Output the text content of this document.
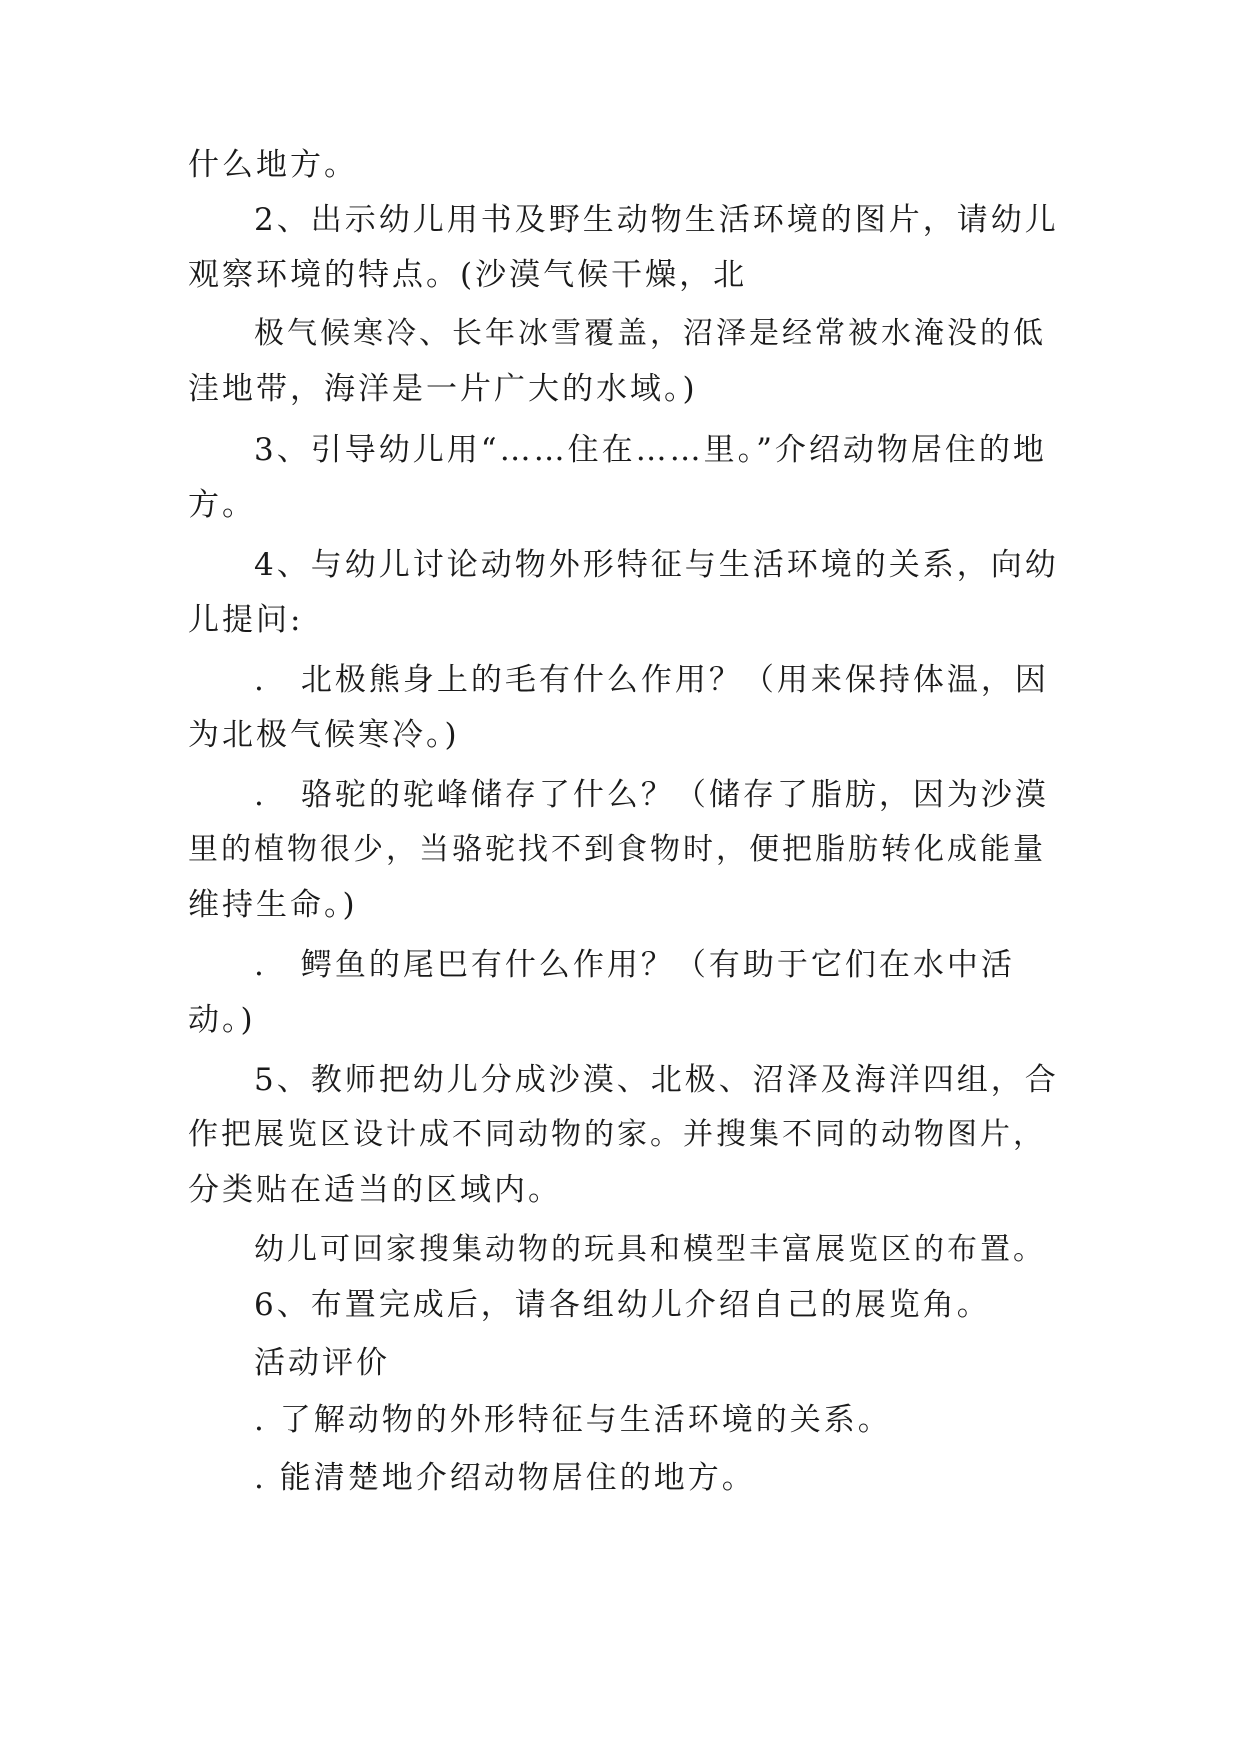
什么地方。
2、出示幼儿用书及野生动物生活环境的图片，请幼儿
观察环境的特点。(沙漠气候干燥，北
极气候寒冷、长年冰雪覆盖，沼泽是经常被水淹没的低
洼地带，海洋是一片广大的水域。)
3、引导幼儿用“……住在……里。”介绍动物居住的地
方。
4、与幼儿讨论动物外形特征与生活环境的关系，向幼
儿提问:
.　北极熊身上的毛有什么作用？（用来保持体温，因
为北极气候寒冷。)
.　骆驼的驼峰储存了什么？（储存了脂肪，因为沙漠
里的植物很少，当骆驼找不到食物时，便把脂肪转化成能量
维持生命。)
.　鳄鱼的尾巴有什么作用？（有助于它们在水中活
动。)
5、教师把幼儿分成沙漠、北极、沼泽及海洋四组，合
作把展览区设计成不同动物的家。并搜集不同的动物图片，
分类贴在适当的区域内。
幼儿可回家搜集动物的玩具和模型丰富展览区的布置。
6、布置完成后，请各组幼儿介绍自己的展览角。
活动评价
. 了解动物的外形特征与生活环境的关系。
. 能清楚地介绍动物居住的地方。
